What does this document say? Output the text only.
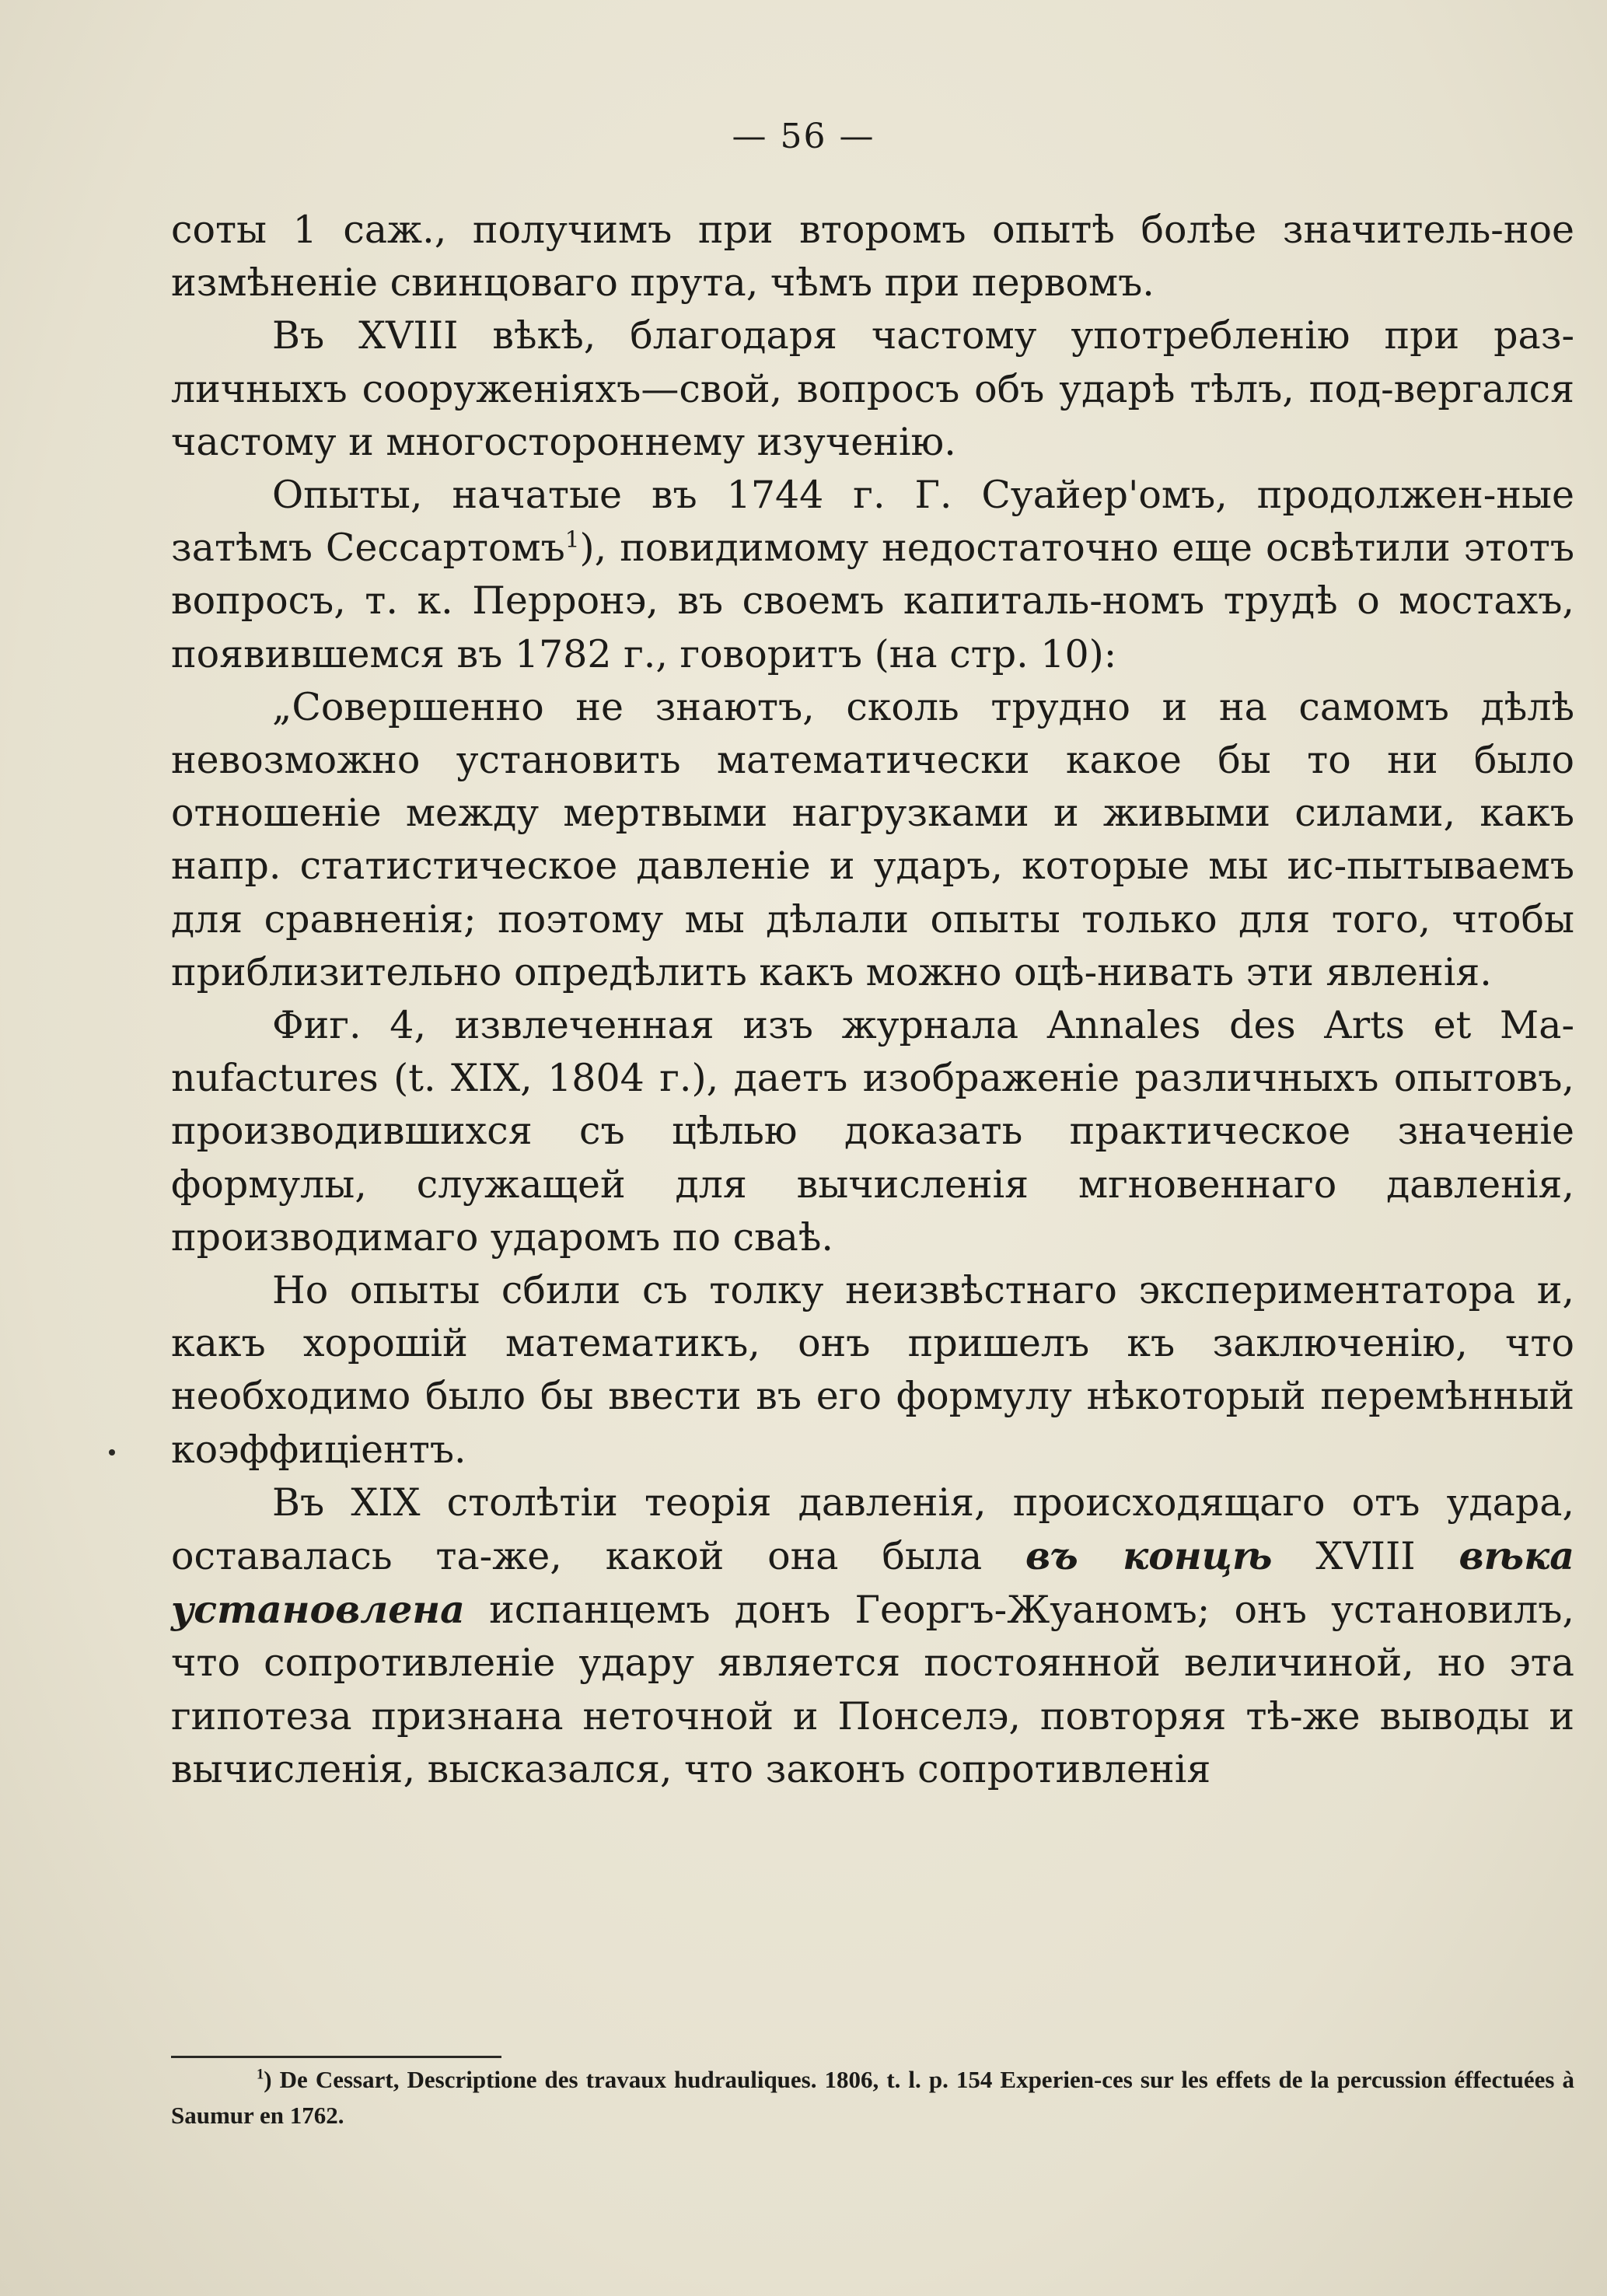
— 56 —

соты 1 саж., получимъ при второмъ опытѣ болѣе значитель-ное измѣненіе свинцоваго прута, чѣмъ при первомъ.

Въ XVIII вѣкѣ, благодаря частому употребленію при раз-личныхъ сооруженіяхъ—свой, вопросъ объ ударѣ тѣлъ, под-вергался частому и многостороннему изученію.

Опыты, начатые въ 1744 г. Г. Суайер'омъ, продолжен-ные затѣмъ Сессартомъ$^1$), повидимому недостаточно еще освѣтили этотъ вопросъ, т. к. Перронэ, въ своемъ капиталь-номъ трудѣ о мостахъ, появившемся въ 1782 г., говоритъ (на стр. 10):

„Совершенно не знаютъ, сколь трудно и на самомъ дѣлѣ невозможно установить математически какое бы то ни было отношеніе между мертвыми нагрузками и живыми силами, какъ напр. статистическое давленіе и ударъ, которые мы ис-пытываемъ для сравненія; поэтому мы дѣлали опыты только для того, чтобы приблизительно опредѣлить какъ можно оцѣ-нивать эти явленія.

Фиг. 4, извлеченная изъ журнала Annales des Arts et Ma-nufactures (t. XIX, 1804 г.), даетъ изображеніе различныхъ опытовъ, производившихся съ цѣлью доказать практическое значеніе формулы, служащей для вычисленія мгновеннаго давленія, производимаго ударомъ по сваѣ.

Но опыты сбили съ толку неизвѣстнаго экспериментатора и, какъ хорошій математикъ, онъ пришелъ къ заключенію, что необходимо было бы ввести въ его формулу нѣкоторый перемѣнный коэффиціентъ.

Въ XIX столѣтіи теорія давленія, происходящаго отъ удара, оставалась та-же, какой она была въ концѣ XVIII вѣка установлена испанцемъ донъ Георгъ-Жуаномъ; онъ установилъ, что сопротивленіе удару является постоянной величиной, но эта гипотеза признана неточной и Понселэ, повторяя тѣ-же выводы и вычисленія, высказался, что законъ сопротивленія

$^1$) De Cessart, Descriptione des travaux hudrauliques. 1806, t. l. p. 154 Experien-ces sur les effets de la percussion éffectuées à Saumur en 1762.
